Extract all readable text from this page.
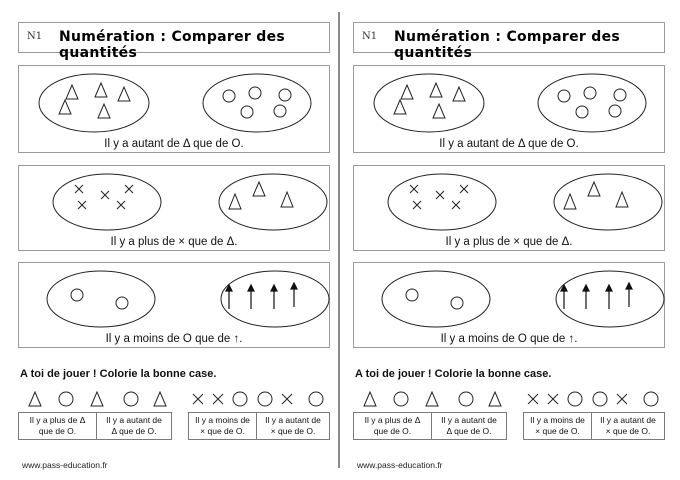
N1 Numération : Comparer des quantités
Il y a autant de Δ que de O.
Il y a plus de × que de Δ.
Il y a moins de O que de ↑.
A toi de jouer ! Colorie la bonne case.
Il y a plus de Δ
que de O.
Il y a autant de
Δ que de O.
Il y a moins de
× que de O.
Il y a autant de
× que de O.
www.pass-education.fr
N1 Numération : Comparer des quantités
Il y a autant de Δ que de O.
Il y a plus de × que de Δ.
Il y a moins de O que de ↑.
A toi de jouer ! Colorie la bonne case.
Il y a plus de Δ
que de O.
Il y a autant de
Δ que de O.
Il y a moins de
× que de O.
Il y a autant de
× que de O.
www.pass-education.fr
